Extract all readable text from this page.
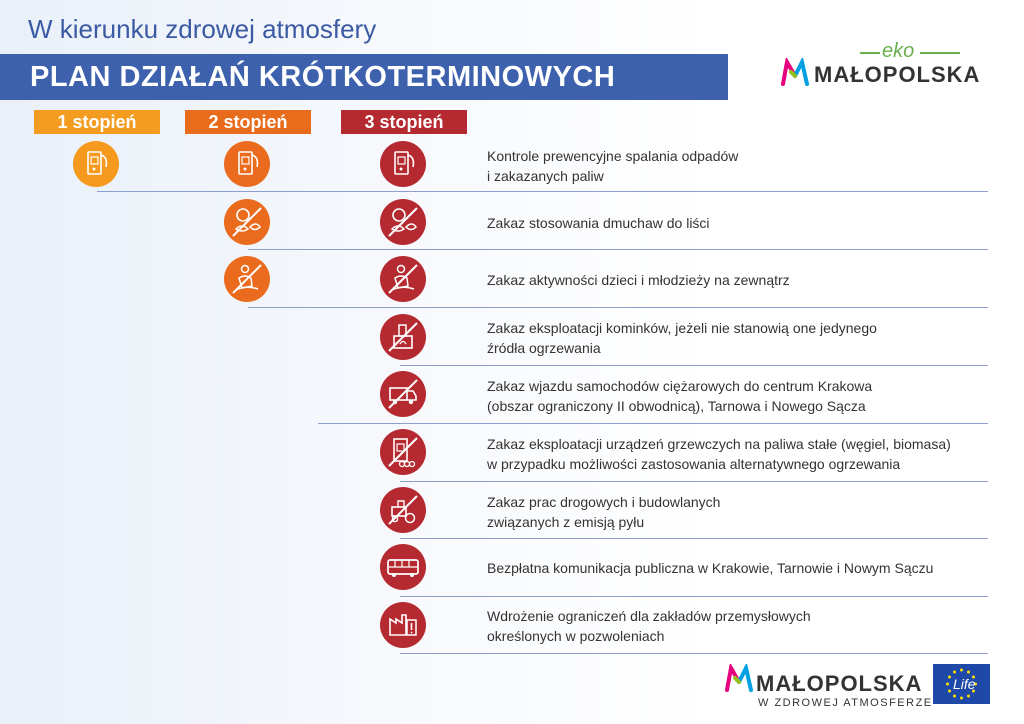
W kierunku zdrowej atmosfery
PLAN DZIAŁAŃ KRÓTKOTERMINOWYCH
eko
MAŁOPOLSKA
1 stopień	2 stopień	3 stopień
Kontrole prewencyjne spalania odpadów
i zakazanych paliw
Zakaz stosowania dmuchaw do liści
Zakaz aktywności dzieci i młodzieży na zewnątrz
Zakaz eksploatacji kominków, jeżeli nie stanowią one jedynego
źródła ogrzewania
Zakaz wjazdu samochodów ciężarowych do centrum Krakowa
(obszar ograniczony II obwodnicą), Tarnowa i Nowego Sącza
Zakaz eksploatacji urządzeń grzewczych na paliwa stałe (węgiel, biomasa)
w przypadku możliwości zastosowania alternatywnego ogrzewania
Zakaz prac drogowych i budowlanych
związanych z emisją pyłu
Bezpłatna komunikacja publiczna w Krakowie, Tarnowie i Nowym Sączu
Wdrożenie ograniczeń dla zakładów przemysłowych
określonych w pozwoleniach
MAŁOPOLSKA
W ZDROWEJ ATMOSFERZE
Life
